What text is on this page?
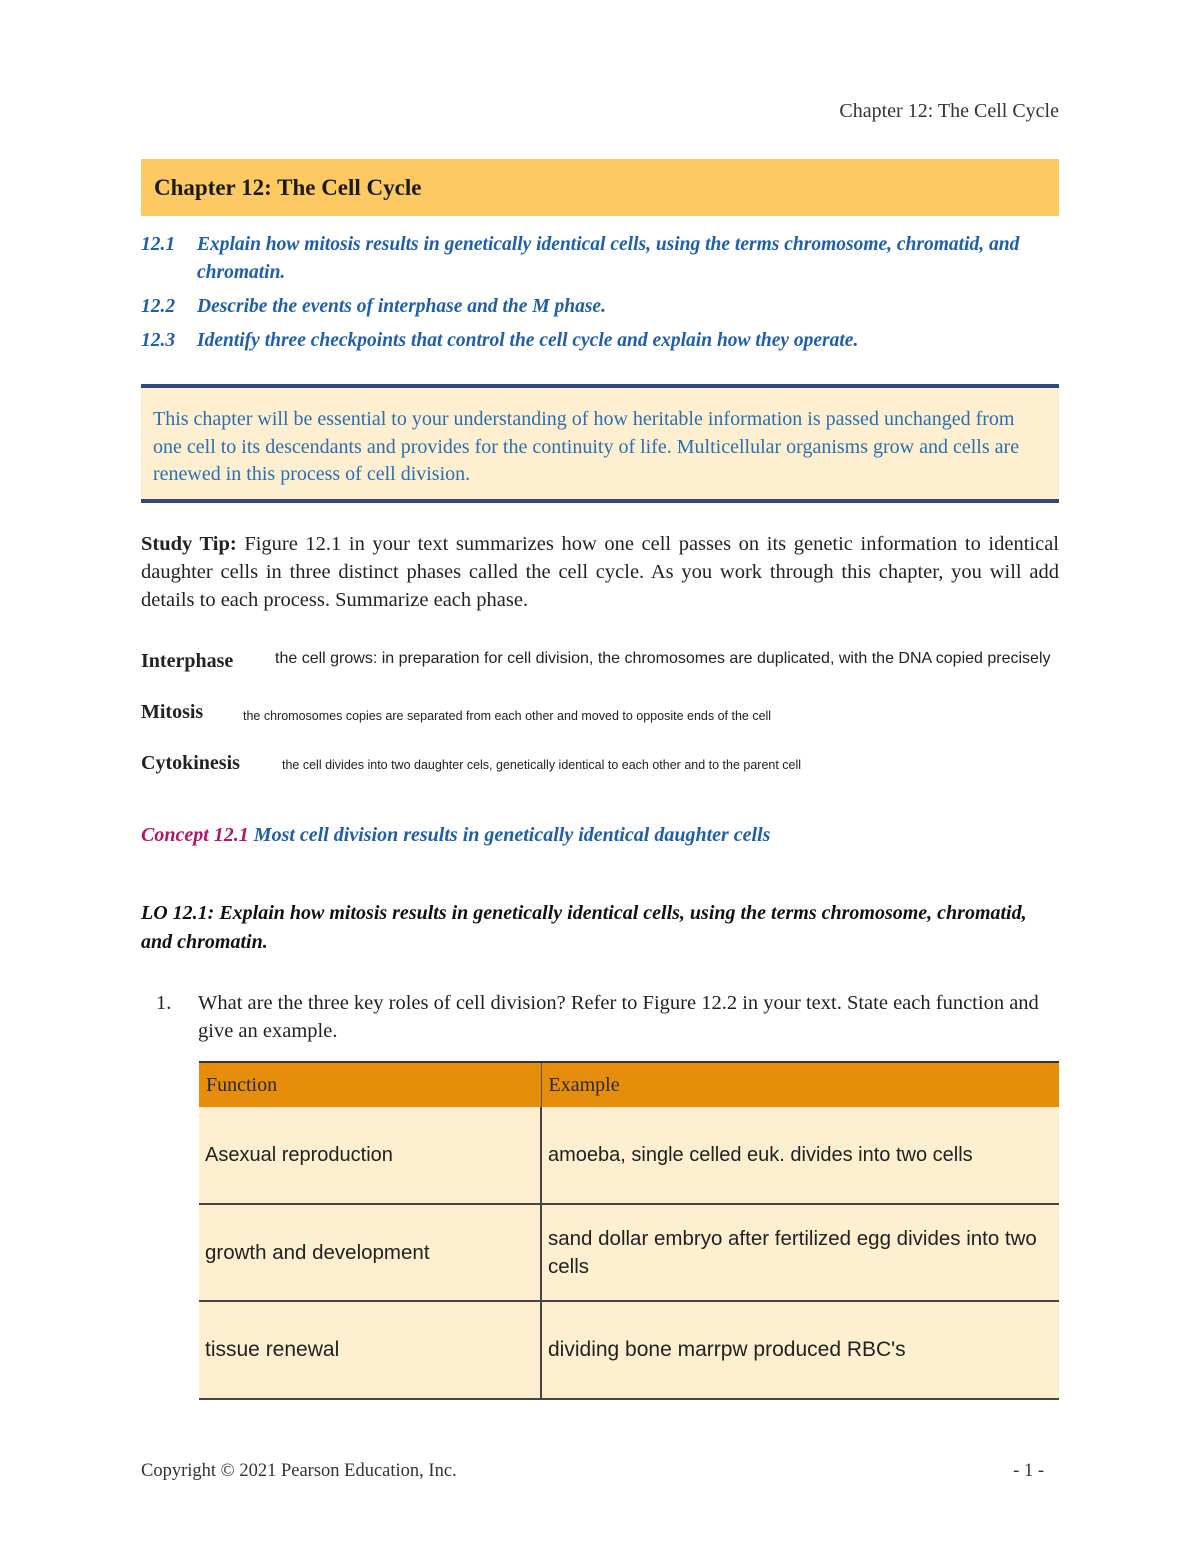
Chapter 12: The Cell Cycle
Chapter 12: The Cell Cycle
12.1	Explain how mitosis results in genetically identical cells, using the terms chromosome, chromatid, and chromatin.
12.2	Describe the events of interphase and the M phase.
12.3	Identify three checkpoints that control the cell cycle and explain how they operate.
This chapter will be essential to your understanding of how heritable information is passed unchanged from one cell to its descendants and provides for the continuity of life. Multicellular organisms grow and cells are renewed in this process of cell division.
Study Tip: Figure 12.1 in your text summarizes how one cell passes on its genetic information to identical daughter cells in three distinct phases called the cell cycle. As you work through this chapter, you will add details to each process. Summarize each phase.
Interphase	the cell grows: in preparation for cell division, the chromosomes are duplicated, with the DNA copied precisely
Mitosis	the chromosomes copies are separated from each other and moved to opposite ends of the cell
Cytokinesis	the cell divides into two daughter cels, genetically identical to each other and to the parent cell
Concept 12.1 Most cell division results in genetically identical daughter cells
LO 12.1: Explain how mitosis results in genetically identical cells, using the terms chromosome, chromatid, and chromatin.
1.	What are the three key roles of cell division? Refer to Figure 12.2 in your text. State each function and give an example.
Function	Example
Asexual reproduction	amoeba, single celled euk. divides into two cells
growth and development	sand dollar embryo after fertilized egg divides into two cells
tissue renewal	dividing bone marrpw produced RBC's
Copyright © 2021 Pearson Education, Inc.	- 1 -
